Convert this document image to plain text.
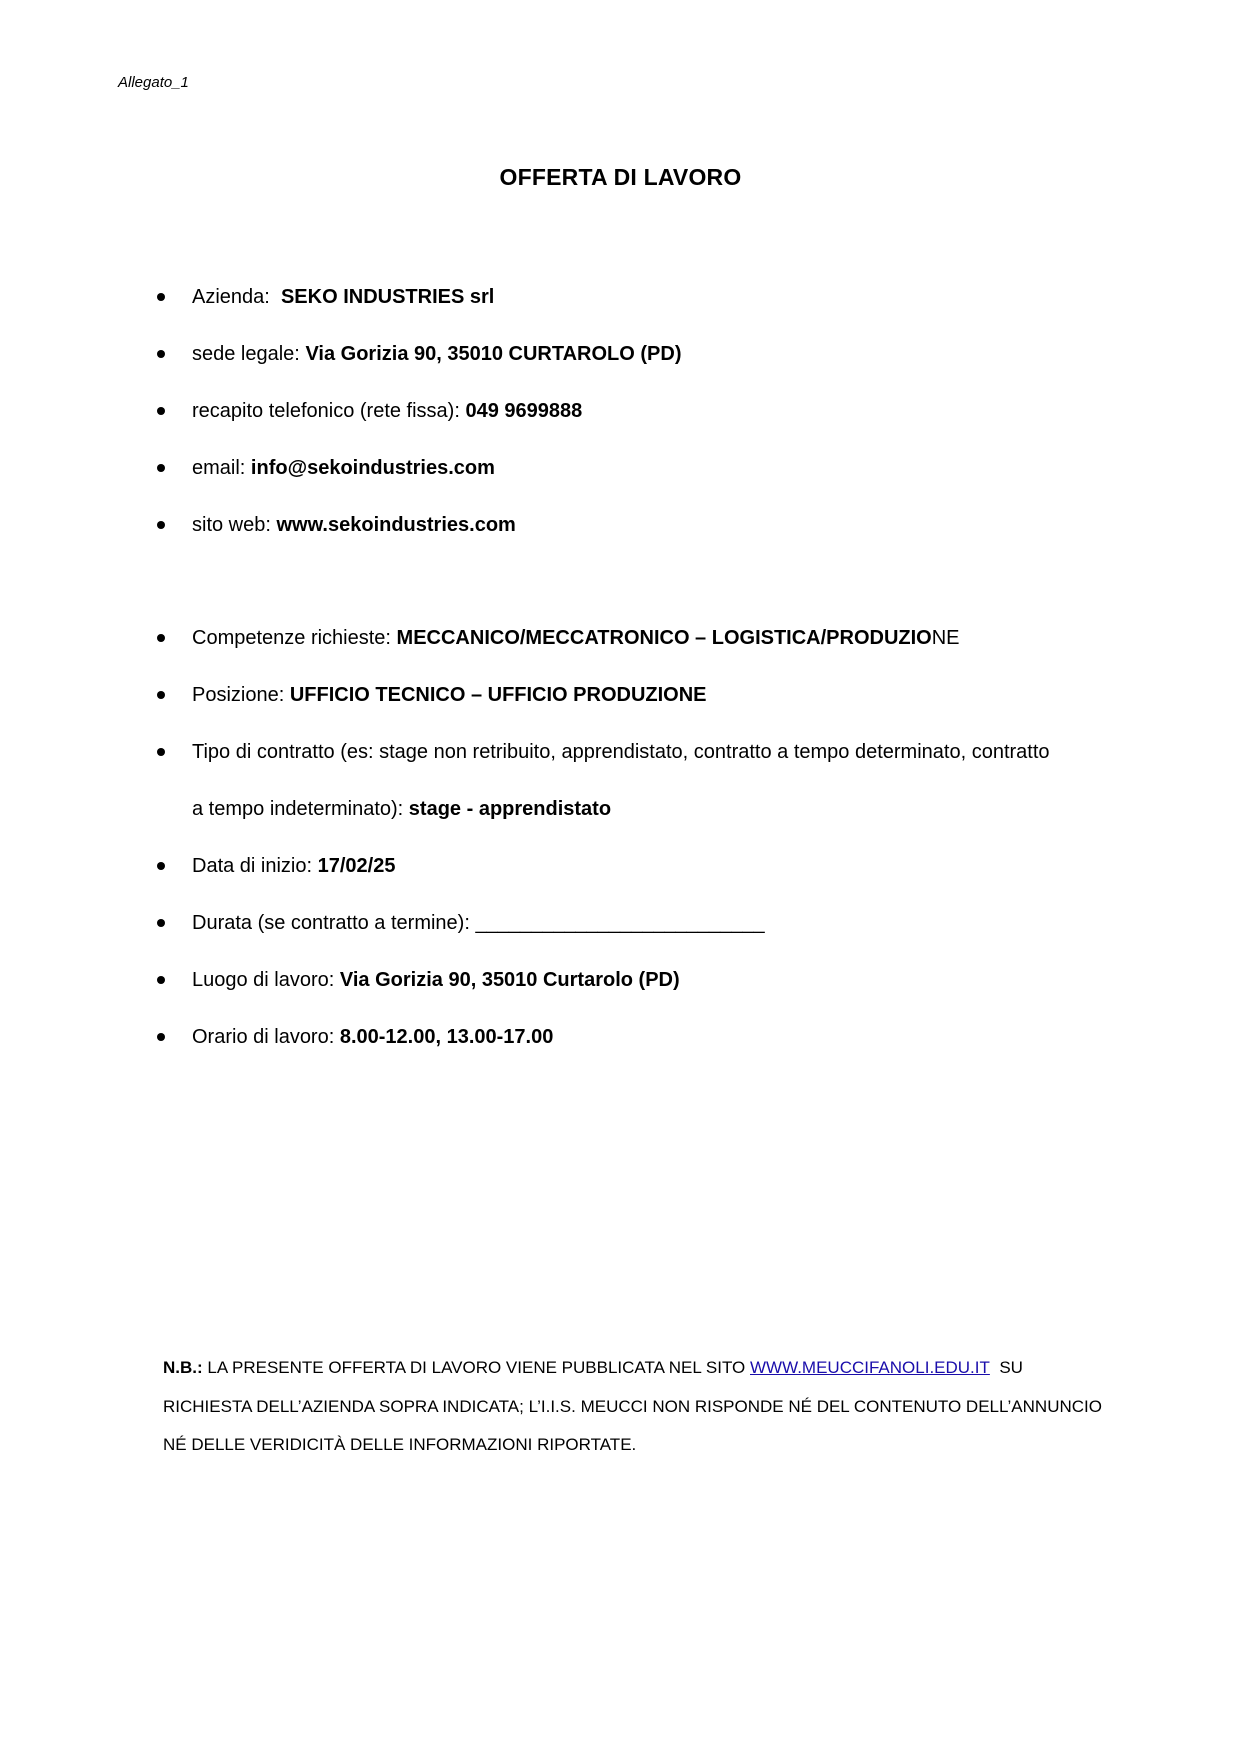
Allegato_1
OFFERTA DI LAVORO
Azienda: SEKO INDUSTRIES srl
sede legale: Via Gorizia 90, 35010 CURTAROLO (PD)
recapito telefonico (rete fissa): 049 9699888
email: info@sekoindustries.com
sito web: www.sekoindustries.com
Competenze richieste: MECCANICO/MECCATRONICO – LOGISTICA/PRODUZIONE
Posizione: UFFICIO TECNICO – UFFICIO PRODUZIONE
Tipo di contratto (es: stage non retribuito, apprendistato, contratto a tempo determinato, contratto
a tempo indeterminato): stage - apprendistato
Data di inizio: 17/02/25
Durata (se contratto a termine): __________________________
Luogo di lavoro: Via Gorizia 90, 35010 Curtarolo (PD)
Orario di lavoro: 8.00-12.00, 13.00-17.00
N.B.: LA PRESENTE OFFERTA DI LAVORO VIENE PUBBLICATA NEL SITO WWW.MEUCCIFANOLI.EDU.IT SU
RICHIESTA DELL’AZIENDA SOPRA INDICATA; L’I.I.S. MEUCCI NON RISPONDE NÉ DEL CONTENUTO DELL’ANNUNCIO
NÉ DELLE VERIDICITÀ DELLE INFORMAZIONI RIPORTATE.
